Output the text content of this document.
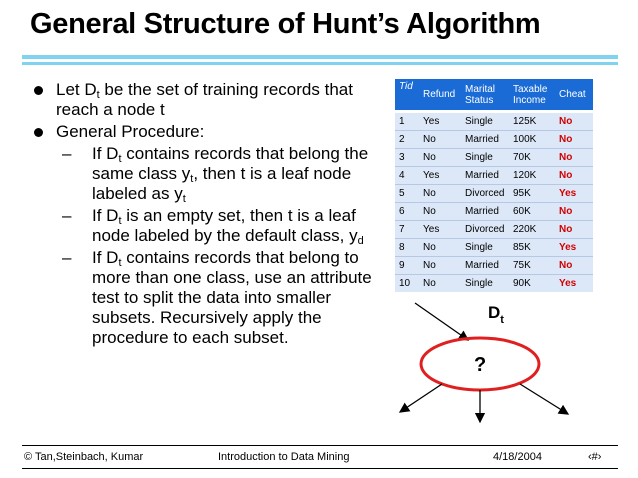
General Structure of Hunt’s Algorithm
Let $D_t$ be the set of training records that reach a node t
General Procedure:
– If $D_t$ contains records that belong the same class $y_t$, then t is a leaf node labeled as $y_t$
– If $D_t$ is an empty set, then t is a leaf node labeled by the default class, $y_d$
– If $D_t$ contains records that belong to more than one class, use an attribute test to split the data into smaller subsets. Recursively apply the procedure to each subset.
Tid	Refund	Marital Status	Taxable Income	Cheat
1	Yes	Single	125K	No
2	No	Married	100K	No
3	No	Single	70K	No
4	Yes	Married	120K	No
5	No	Divorced	95K	Yes
6	No	Married	60K	No
7	Yes	Divorced	220K	No
8	No	Single	85K	Yes
9	No	Married	75K	No
10	No	Single	90K	Yes
$D_t$
?
© Tan,Steinbach, Kumar	Introduction to Data Mining	4/18/2004	‹#›
